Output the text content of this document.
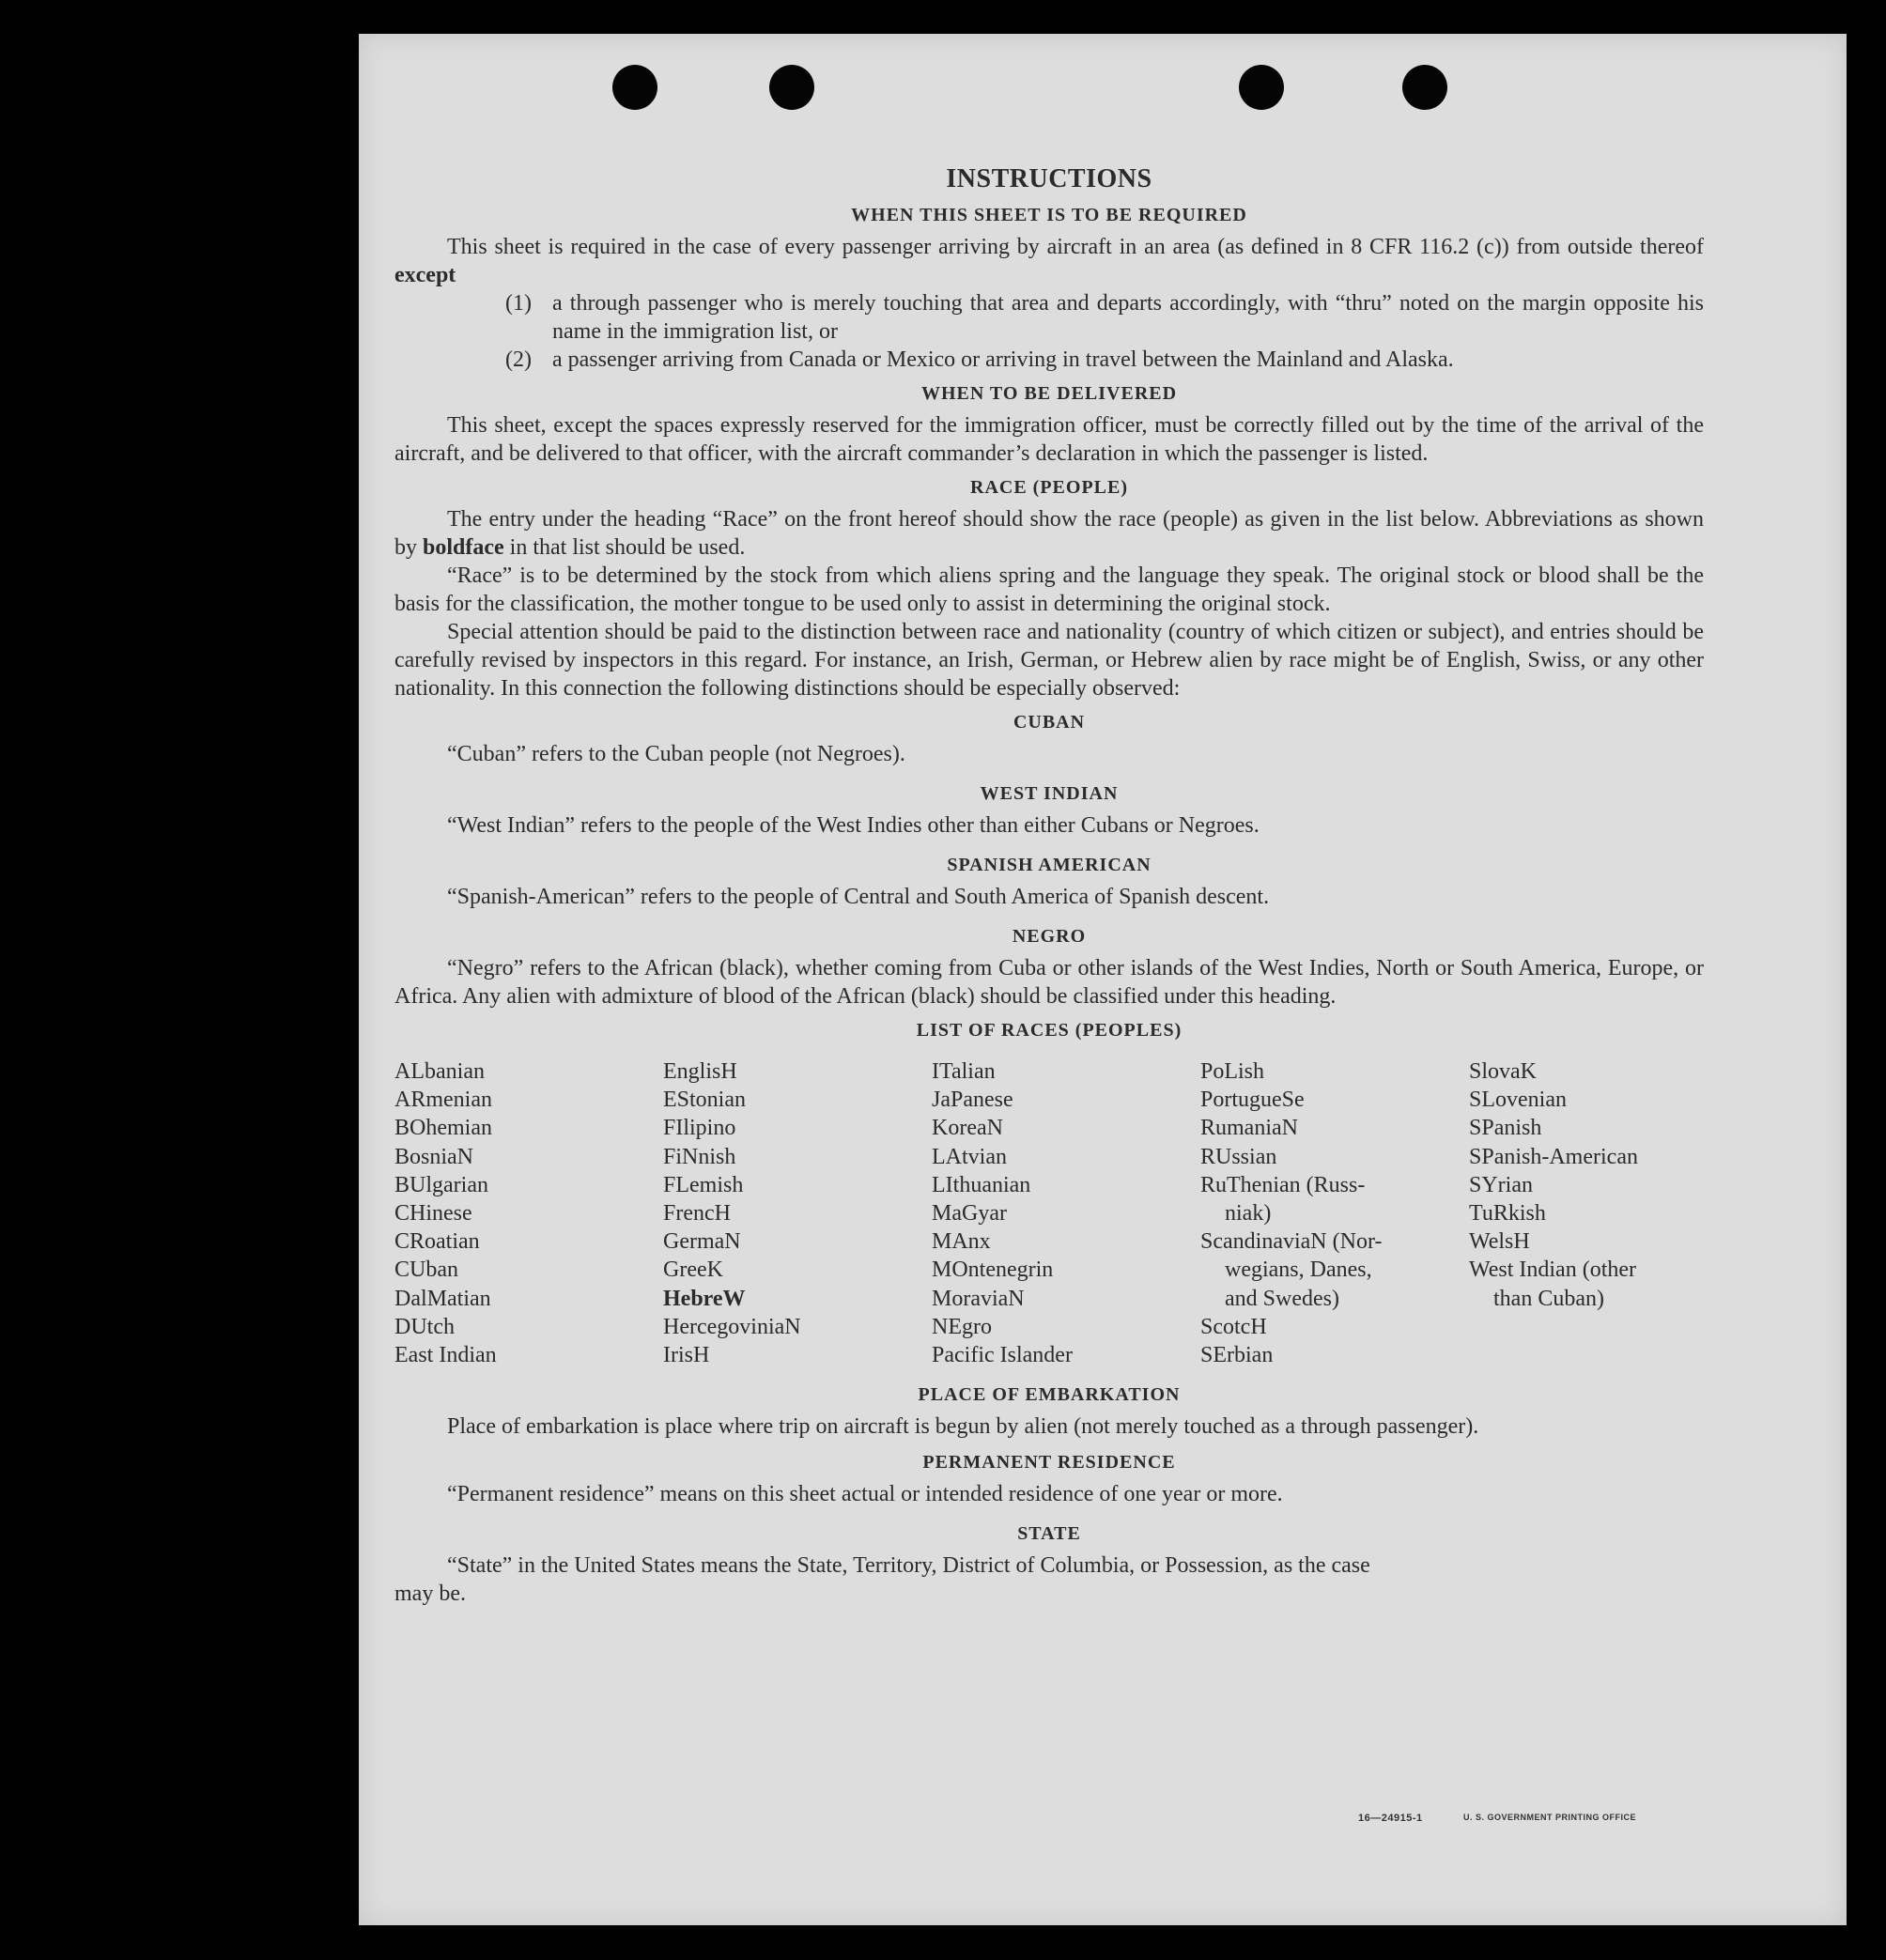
INSTRUCTIONS
WHEN THIS SHEET IS TO BE REQUIRED

This sheet is required in the case of every passenger arriving by aircraft in an area (as defined in 8 CFR 116.2 (c)) from outside thereof except

(1) a through passenger who is merely touching that area and departs accordingly, with “thru” noted on the margin opposite his name in the immigration list, or
(2) a passenger arriving from Canada or Mexico or arriving in travel between the Mainland and Alaska.
WHEN TO BE DELIVERED

This sheet, except the spaces expressly reserved for the immigration officer, must be correctly filled out by the time of the arrival of the aircraft, and be delivered to that officer, with the aircraft commander’s declaration in which the passenger is listed.

RACE (PEOPLE)

The entry under the heading “Race” on the front hereof should show the race (people) as given in the list below. Abbreviations as shown by boldface in that list should be used.

“Race” is to be determined by the stock from which aliens spring and the language they speak. The original stock or blood shall be the basis for the classification, the mother tongue to be used only to assist in determining the original stock.

Special attention should be paid to the distinction between race and nationality (country of which citizen or subject), and entries should be carefully revised by inspectors in this regard. For instance, an Irish, German, or Hebrew alien by race might be of English, Swiss, or any other nationality. In this connection the following distinctions should be especially observed:

CUBAN

“Cuban” refers to the Cuban people (not Negroes).

WEST INDIAN

“West Indian” refers to the people of the West Indies other than either Cubans or Negroes.

SPANISH AMERICAN

“Spanish-American” refers to the people of Central and South America of Spanish descent.

NEGRO

“Negro” refers to the African (black), whether coming from Cuba or other islands of the West Indies, North or South America, Europe, or Africa. Any alien with admixture of blood of the African (black) should be classified under this heading.

LIST OF RACES (PEOPLES)
ALbanian
ARmenian
BOhemian
BosniaN
BUlgarian
CHinese
CRoatian
CUban
DalMatian
DUtch
East Indian
EnglisH
EStonian
FIlipino
FiNnish
FLemish
FrencH
GermaN
GreeK
HebreW
HercegoviniaN
IrisH
ITalian
JaPanese
KoreaN
LAtvian
LIthuanian
MaGyar
MAnx
MOntenegrin
MoraviaN
NEgro
Pacific Islander
PoLish
PortugueSe
RumaniaN
RUssian
RuThenian (Russ-
niak)
ScandinaviaN (Nor-
wegians, Danes,
and Swedes)
ScotcH
SErbian
SlovaK
SLovenian
SPanish
SPanish-American
SYrian
TuRkish
WelsH
West Indian (other
than Cuban)
PLACE OF EMBARKATION

Place of embarkation is place where trip on aircraft is begun by alien (not merely touched as a through passenger).

PERMANENT RESIDENCE

“Permanent residence” means on this sheet actual or intended residence of one year or more.

STATE

“State” in the United States means the State, Territory, District of Columbia, or Possession, as the case

may be.

16—24915-1	U. S. GOVERNMENT PRINTING OFFICE
